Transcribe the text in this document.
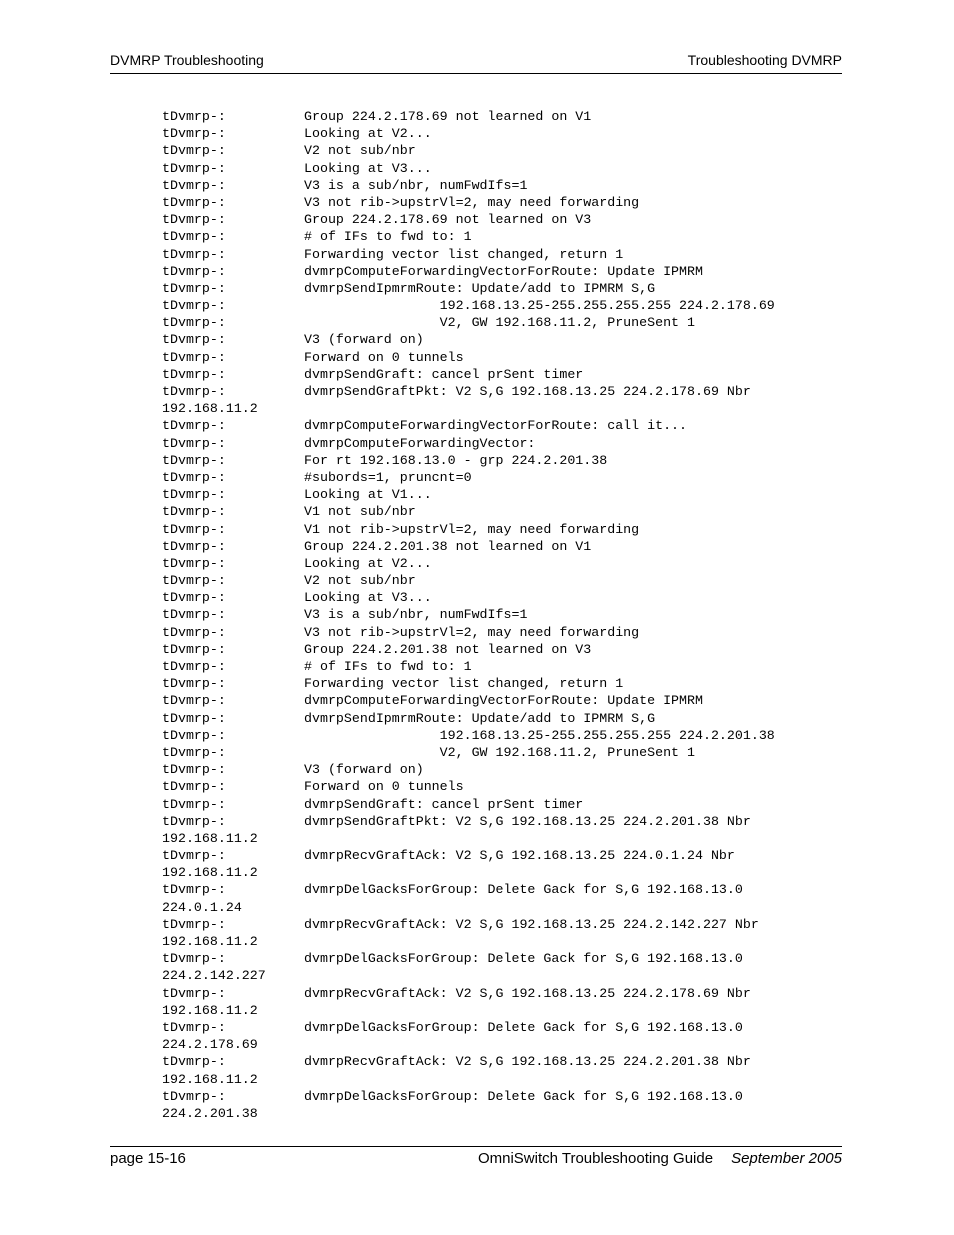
DVMRP Troubleshooting	Troubleshooting DVMRP
tDvmrp-:	Group 224.2.178.69 not learned on V1
tDvmrp-:	Looking at V2...
tDvmrp-:	V2 not sub/nbr
tDvmrp-:	Looking at V3...
tDvmrp-:	V3 is a sub/nbr, numFwdIfs=1
tDvmrp-:	V3 not rib->upstrVl=2, may need forwarding
tDvmrp-:	Group 224.2.178.69 not learned on V3
tDvmrp-:	# of IFs to fwd to: 1
tDvmrp-:	Forwarding vector list changed, return 1
tDvmrp-:	dvmrpComputeForwardingVectorForRoute: Update IPMRM
tDvmrp-:	dvmrpSendIpmrmRoute: Update/add to IPMRM S,G
tDvmrp-:	192.168.13.25-255.255.255.255 224.2.178.69
tDvmrp-:	V2, GW 192.168.11.2, PruneSent 1
tDvmrp-:	V3 (forward on)
tDvmrp-:	Forward on 0 tunnels
tDvmrp-:	dvmrpSendGraft: cancel prSent timer
tDvmrp-:	dvmrpSendGraftPkt: V2 S,G 192.168.13.25 224.2.178.69 Nbr
192.168.11.2
tDvmrp-:	dvmrpComputeForwardingVectorForRoute: call it...
tDvmrp-:	dvmrpComputeForwardingVector:
tDvmrp-:	For rt 192.168.13.0 - grp 224.2.201.38
tDvmrp-:	#subords=1, pruncnt=0
tDvmrp-:	Looking at V1...
tDvmrp-:	V1 not sub/nbr
tDvmrp-:	V1 not rib->upstrVl=2, may need forwarding
tDvmrp-:	Group 224.2.201.38 not learned on V1
tDvmrp-:	Looking at V2...
tDvmrp-:	V2 not sub/nbr
tDvmrp-:	Looking at V3...
tDvmrp-:	V3 is a sub/nbr, numFwdIfs=1
tDvmrp-:	V3 not rib->upstrVl=2, may need forwarding
tDvmrp-:	Group 224.2.201.38 not learned on V3
tDvmrp-:	# of IFs to fwd to: 1
tDvmrp-:	Forwarding vector list changed, return 1
tDvmrp-:	dvmrpComputeForwardingVectorForRoute: Update IPMRM
tDvmrp-:	dvmrpSendIpmrmRoute: Update/add to IPMRM S,G
tDvmrp-:	192.168.13.25-255.255.255.255 224.2.201.38
tDvmrp-:	V2, GW 192.168.11.2, PruneSent 1
tDvmrp-:	V3 (forward on)
tDvmrp-:	Forward on 0 tunnels
tDvmrp-:	dvmrpSendGraft: cancel prSent timer
tDvmrp-:	dvmrpSendGraftPkt: V2 S,G 192.168.13.25 224.2.201.38 Nbr
192.168.11.2
tDvmrp-:	dvmrpRecvGraftAck: V2 S,G 192.168.13.25 224.0.1.24 Nbr
192.168.11.2
tDvmrp-:	dvmrpDelGacksForGroup: Delete Gack for S,G 192.168.13.0
224.0.1.24
tDvmrp-:	dvmrpRecvGraftAck: V2 S,G 192.168.13.25 224.2.142.227 Nbr
192.168.11.2
tDvmrp-:	dvmrpDelGacksForGroup: Delete Gack for S,G 192.168.13.0
224.2.142.227
tDvmrp-:	dvmrpRecvGraftAck: V2 S,G 192.168.13.25 224.2.178.69 Nbr
192.168.11.2
tDvmrp-:	dvmrpDelGacksForGroup: Delete Gack for S,G 192.168.13.0
224.2.178.69
tDvmrp-:	dvmrpRecvGraftAck: V2 S,G 192.168.13.25 224.2.201.38 Nbr
192.168.11.2
tDvmrp-:	dvmrpDelGacksForGroup: Delete Gack for S,G 192.168.13.0
224.2.201.38
page 15-16	OmniSwitch Troubleshooting Guide September 2005
